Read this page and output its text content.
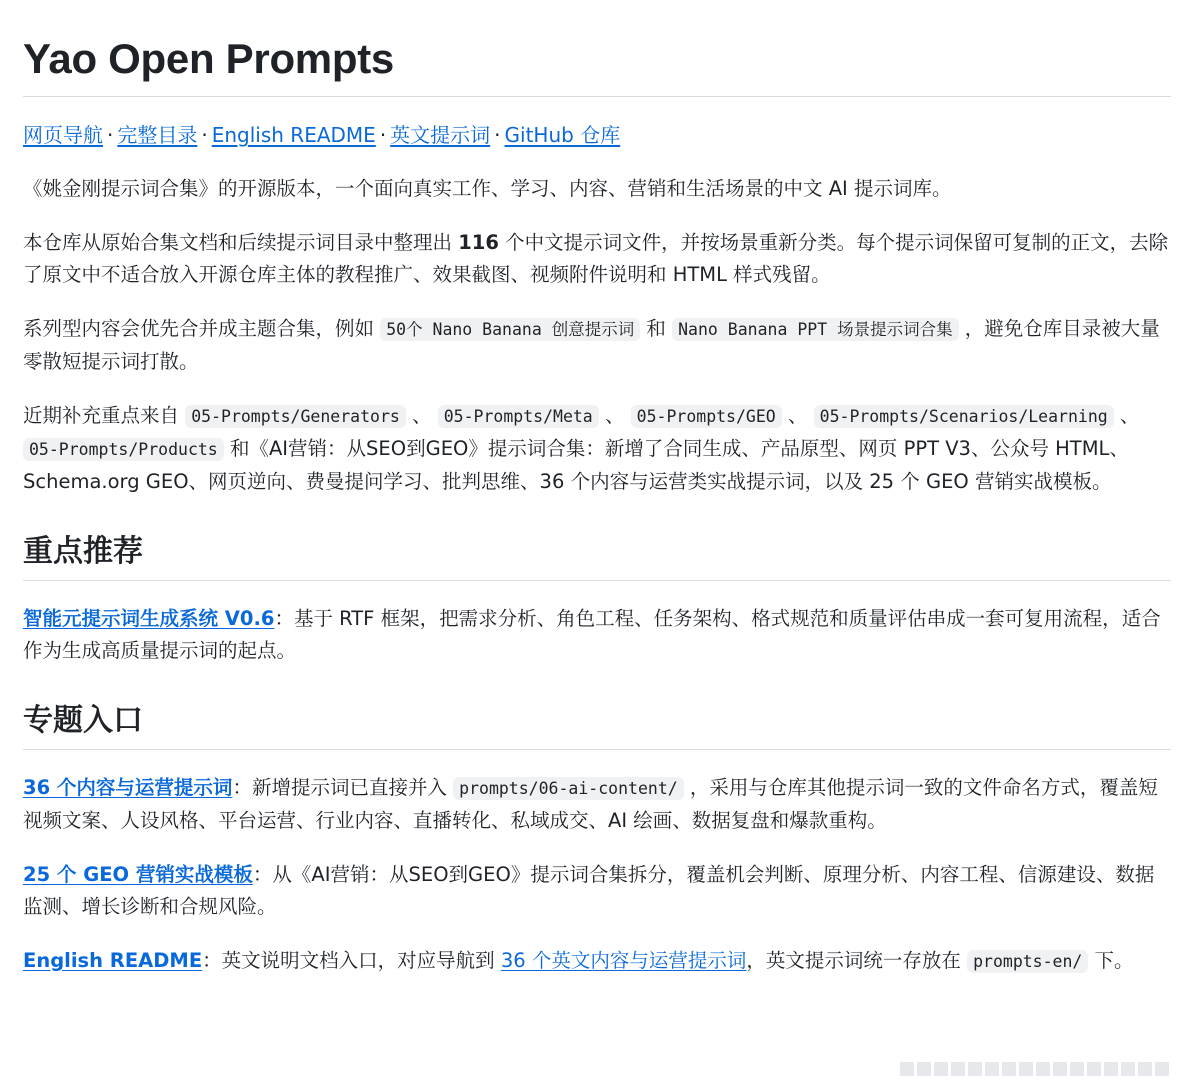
Yao Open Prompts

网页导航 · 完整目录 · English README · 英文提示词 · GitHub 仓库

《姚金刚提示词合集》的开源版本，一个面向真实工作、学习、内容、营销和生活场景的中文 AI 提示词库。

本仓库从原始合集文档和后续提示词目录中整理出 116 个中文提示词文件，并按场景重新分类。每个提示词保留可复制的正文，去除了原文中不适合放入开源仓库主体的教程推广、效果截图、视频附件说明和 HTML 样式残留。

系列型内容会优先合并成主题合集，例如 50个 Nano Banana 创意提示词 和 Nano Banana PPT 场景提示词合集 ，避免仓库目录被大量零散短提示词打散。

近期补充重点来自 05-Prompts/Generators 、 05-Prompts/Meta 、 05-Prompts/GEO 、 05-Prompts/Scenarios/Learning 、 05-Prompts/Products 和《AI营销：从SEO到GEO》提示词合集：新增了合同生成、产品原型、网页 PPT V3、公众号 HTML、Schema.org GEO、网页逆向、费曼提问学习、批判思维、36 个内容与运营类实战提示词，以及 25 个 GEO 营销实战模板。

重点推荐

智能元提示词生成系统 V0.6：基于 RTF 框架，把需求分析、角色工程、任务架构、格式规范和质量评估串成一套可复用流程，适合作为生成高质量提示词的起点。

专题入口

36 个内容与运营提示词：新增提示词已直接并入 prompts/06-ai-content/ ，采用与仓库其他提示词一致的文件命名方式，覆盖短视频文案、人设风格、平台运营、行业内容、直播转化、私域成交、AI 绘画、数据复盘和爆款重构。

25 个 GEO 营销实战模板：从《AI营销：从SEO到GEO》提示词合集拆分，覆盖机会判断、原理分析、内容工程、信源建设、数据监测、增长诊断和合规风险。

English README：英文说明文档入口，对应导航到 36 个英文内容与运营提示词，英文提示词统一存放在 prompts-en/ 下。
